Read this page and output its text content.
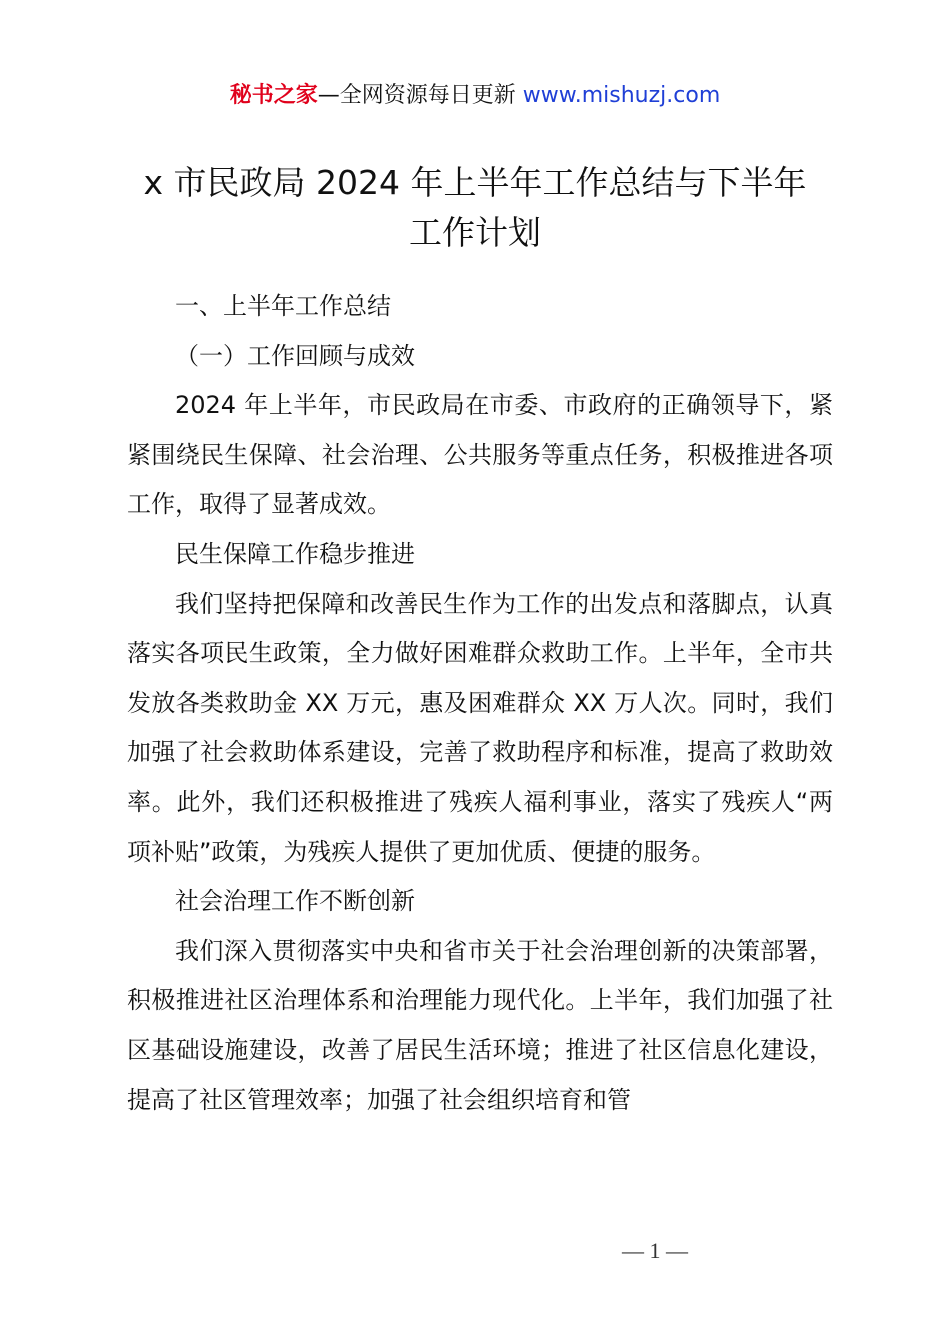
秘书之家—全网资源每日更新 www.mishuzj.com
x 市民政局 2024 年上半年工作总结与下半年
工作计划

一、上半年工作总结

（一）工作回顾与成效

2024 年上半年，市民政局在市委、市政府的正确领导下，紧紧围绕民生保障、社会治理、公共服务等重点任务，积极推进各项工作，取得了显著成效。

民生保障工作稳步推进

我们坚持把保障和改善民生作为工作的出发点和落脚点，认真落实各项民生政策，全力做好困难群众救助工作。上半年，全市共发放各类救助金 XX 万元，惠及困难群众 XX 万人次。同时，我们加强了社会救助体系建设，完善了救助程序和标准，提高了救助效率。此外，我们还积极推进了残疾人福利事业，落实了残疾人“两项补贴”政策，为残疾人提供了更加优质、便捷的服务。

社会治理工作不断创新

我们深入贯彻落实中央和省市关于社会治理创新的决策部署，积极推进社区治理体系和治理能力现代化。上半年，我们加强了社区基础设施建设，改善了居民生活环境；推进了社区信息化建设，提高了社区管理效率；加强了社会组织培育和管

— 1 —
